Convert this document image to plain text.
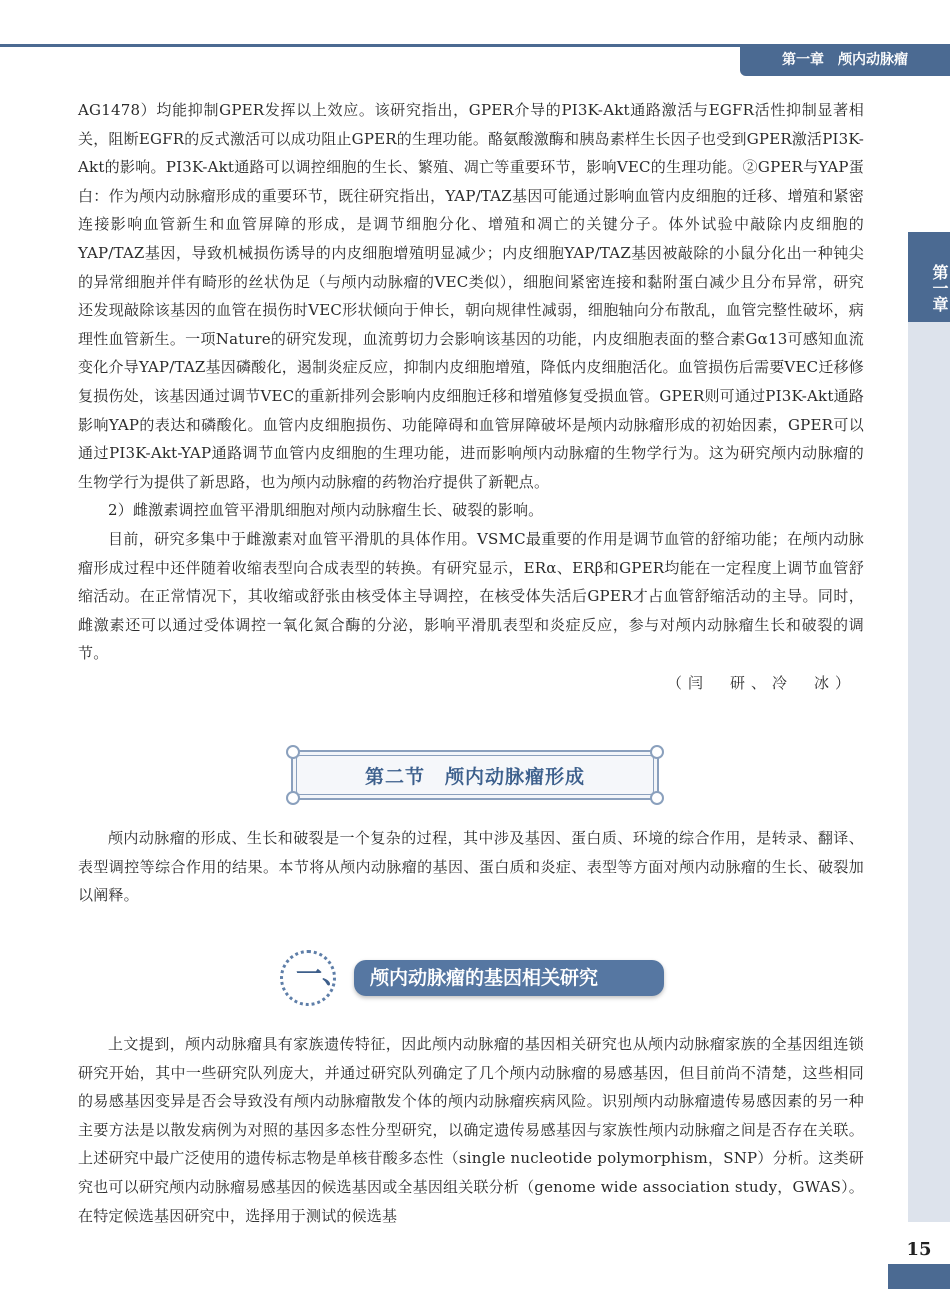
第一章　颅内动脉瘤
第一章

AG1478）均能抑制GPER发挥以上效应。该研究指出，GPER介导的PI3K-Akt通路激活与EGFR活性抑制显著相关，阻断EGFR的反式激活可以成功阻止GPER的生理功能。酪氨酸激酶和胰岛素样生长因子也受到GPER激活PI3K-Akt的影响。PI3K-Akt通路可以调控细胞的生长、繁殖、凋亡等重要环节，影响VEC的生理功能。②GPER与YAP蛋白：作为颅内动脉瘤形成的重要环节，既往研究指出，YAP/TAZ基因可能通过影响血管内皮细胞的迁移、增殖和紧密连接影响血管新生和血管屏障的形成，是调节细胞分化、增殖和凋亡的关键分子。体外试验中敲除内皮细胞的YAP/TAZ基因，导致机械损伤诱导的内皮细胞增殖明显减少；内皮细胞YAP/TAZ基因被敲除的小鼠分化出一种钝尖的异常细胞并伴有畸形的丝状伪足（与颅内动脉瘤的VEC类似），细胞间紧密连接和黏附蛋白减少且分布异常，研究还发现敲除该基因的血管在损伤时VEC形状倾向于伸长，朝向规律性减弱，细胞轴向分布散乱，血管完整性破坏，病理性血管新生。一项Nature的研究发现，血流剪切力会影响该基因的功能，内皮细胞表面的整合素Gα13可感知血流变化介导YAP/TAZ基因磷酸化，遏制炎症反应，抑制内皮细胞增殖，降低内皮细胞活化。血管损伤后需要VEC迁移修复损伤处，该基因通过调节VEC的重新排列会影响内皮细胞迁移和增殖修复受损血管。GPER则可通过PI3K-Akt通路影响YAP的表达和磷酸化。血管内皮细胞损伤、功能障碍和血管屏障破坏是颅内动脉瘤形成的初始因素，GPER可以通过PI3K-Akt-YAP通路调节血管内皮细胞的生理功能，进而影响颅内动脉瘤的生物学行为。这为研究颅内动脉瘤的生物学行为提供了新思路，也为颅内动脉瘤的药物治疗提供了新靶点。

2）雌激素调控血管平滑肌细胞对颅内动脉瘤生长、破裂的影响。

目前，研究多集中于雌激素对血管平滑肌的具体作用。VSMC最重要的作用是调节血管的舒缩功能；在颅内动脉瘤形成过程中还伴随着收缩表型向合成表型的转换。有研究显示，ERα、ERβ和GPER均能在一定程度上调节血管舒缩活动。在正常情况下，其收缩或舒张由核受体主导调控，在核受体失活后GPER才占血管舒缩活动的主导。同时，雌激素还可以通过受体调控一氧化氮合酶的分泌，影响平滑肌表型和炎症反应，参与对颅内动脉瘤生长和破裂的调节。

（闫　研、冷　冰）
第二节　颅内动脉瘤形成

颅内动脉瘤的形成、生长和破裂是一个复杂的过程，其中涉及基因、蛋白质、环境的综合作用，是转录、翻译、表型调控等综合作用的结果。本节将从颅内动脉瘤的基因、蛋白质和炎症、表型等方面对颅内动脉瘤的生长、破裂加以阐释。

一、	颅内动脉瘤的基因相关研究

上文提到，颅内动脉瘤具有家族遗传特征，因此颅内动脉瘤的基因相关研究也从颅内动脉瘤家族的全基因组连锁研究开始，其中一些研究队列庞大，并通过研究队列确定了几个颅内动脉瘤的易感基因，但目前尚不清楚，这些相同的易感基因变异是否会导致没有颅内动脉瘤散发个体的颅内动脉瘤疾病风险。识别颅内动脉瘤遗传易感因素的另一种主要方法是以散发病例为对照的基因多态性分型研究，以确定遗传易感基因与家族性颅内动脉瘤之间是否存在关联。上述研究中最广泛使用的遗传标志物是单核苷酸多态性（single nucleotide polymorphism，SNP）分析。这类研究也可以研究颅内动脉瘤易感基因的候选基因或全基因组关联分析（genome wide association study，GWAS）。在特定候选基因研究中，选择用于测试的候选基

15
